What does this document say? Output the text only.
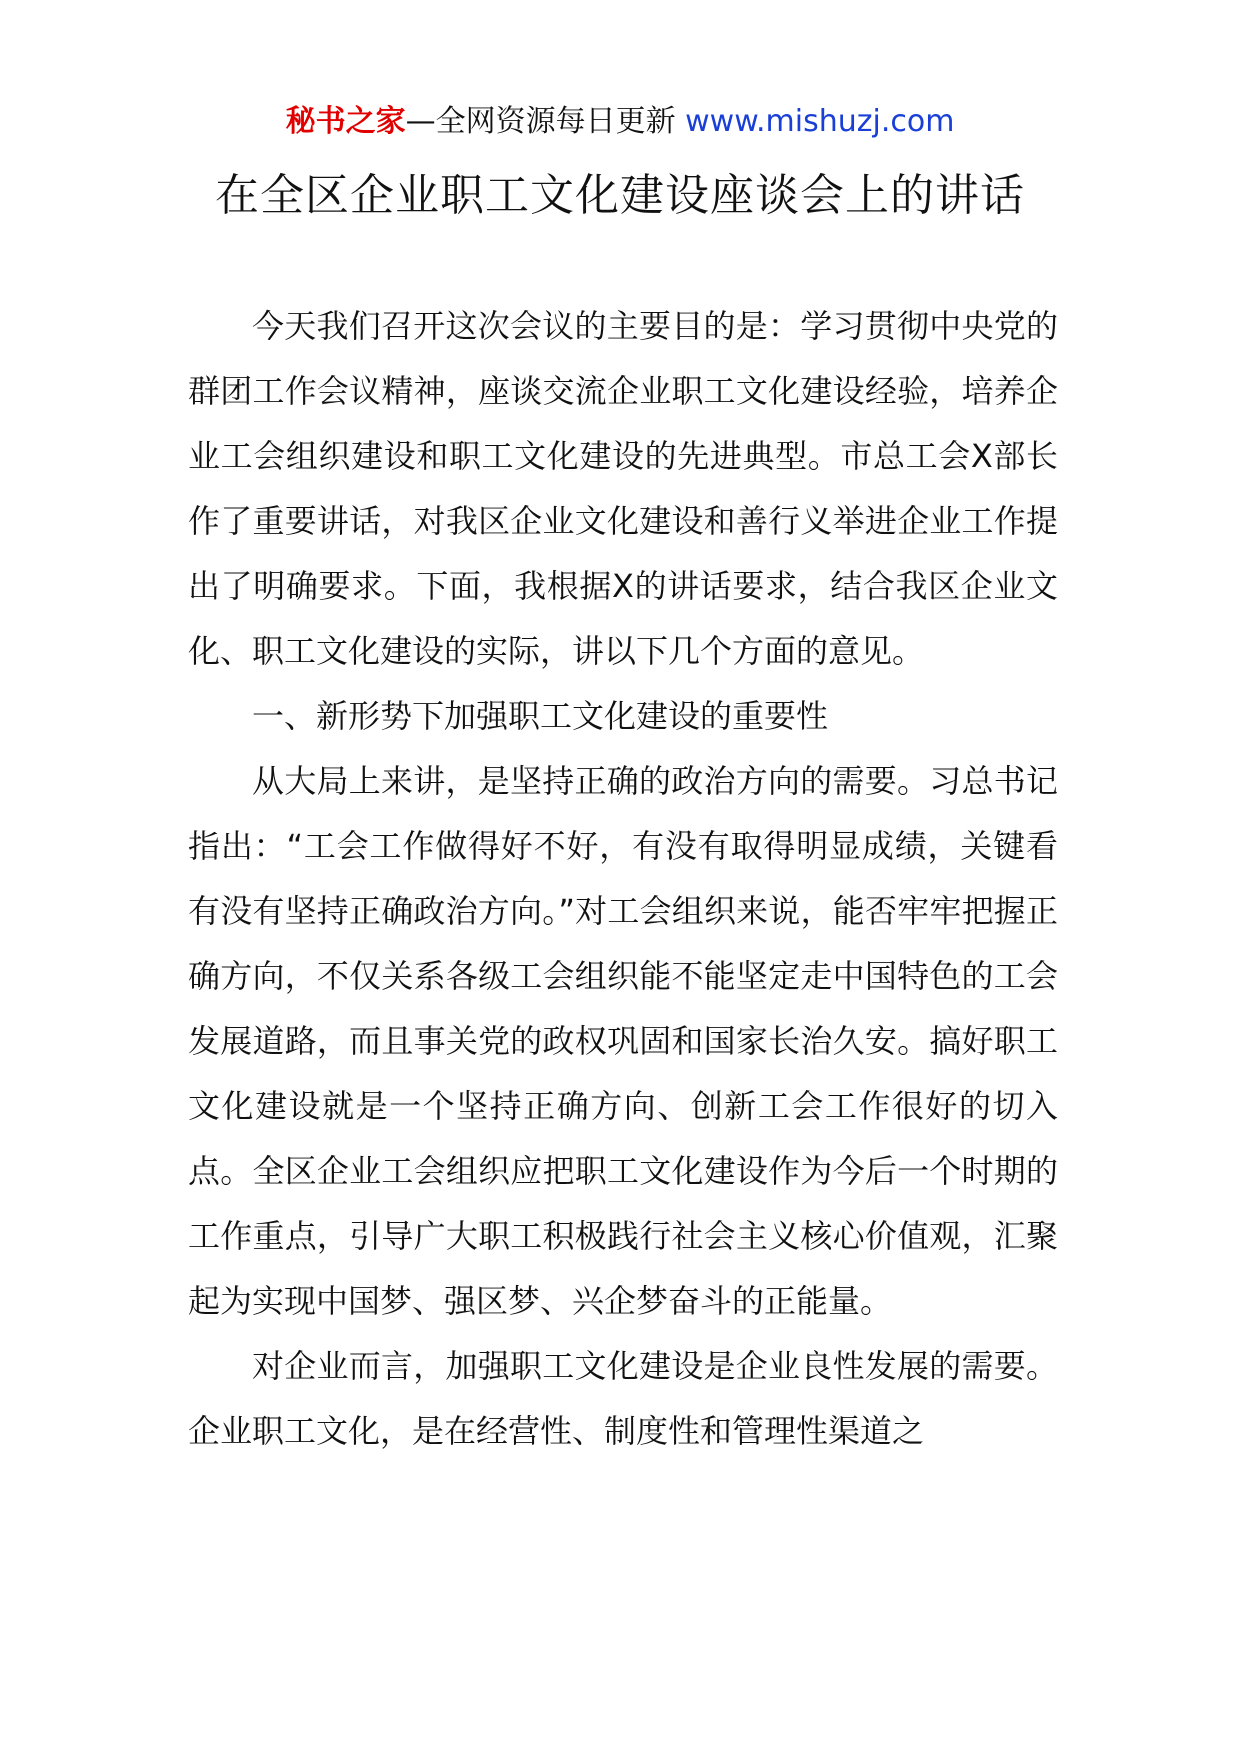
秘书之家—全网资源每日更新 www.mishuzj.com
在全区企业职工文化建设座谈会上的讲话

今天我们召开这次会议的主要目的是：学习贯彻中央党的群团工作会议精神，座谈交流企业职工文化建设经验，培养企业工会组织建设和职工文化建设的先进典型。市总工会X部长作了重要讲话，对我区企业文化建设和善行义举进企业工作提出了明确要求。下面，我根据X的讲话要求，结合我区企业文化、职工文化建设的实际，讲以下几个方面的意见。

一、新形势下加强职工文化建设的重要性

从大局上来讲，是坚持正确的政治方向的需要。习总书记指出：“工会工作做得好不好，有没有取得明显成绩，关键看有没有坚持正确政治方向。”对工会组织来说，能否牢牢把握正确方向，不仅关系各级工会组织能不能坚定走中国特色的工会发展道路，而且事关党的政权巩固和国家长治久安。搞好职工文化建设就是一个坚持正确方向、创新工会工作很好的切入点。全区企业工会组织应把职工文化建设作为今后一个时期的工作重点，引导广大职工积极践行社会主义核心价值观，汇聚起为实现中国梦、强区梦、兴企梦奋斗的正能量。

对企业而言，加强职工文化建设是企业良性发展的需要。企业职工文化，是在经营性、制度性和管理性渠道之
